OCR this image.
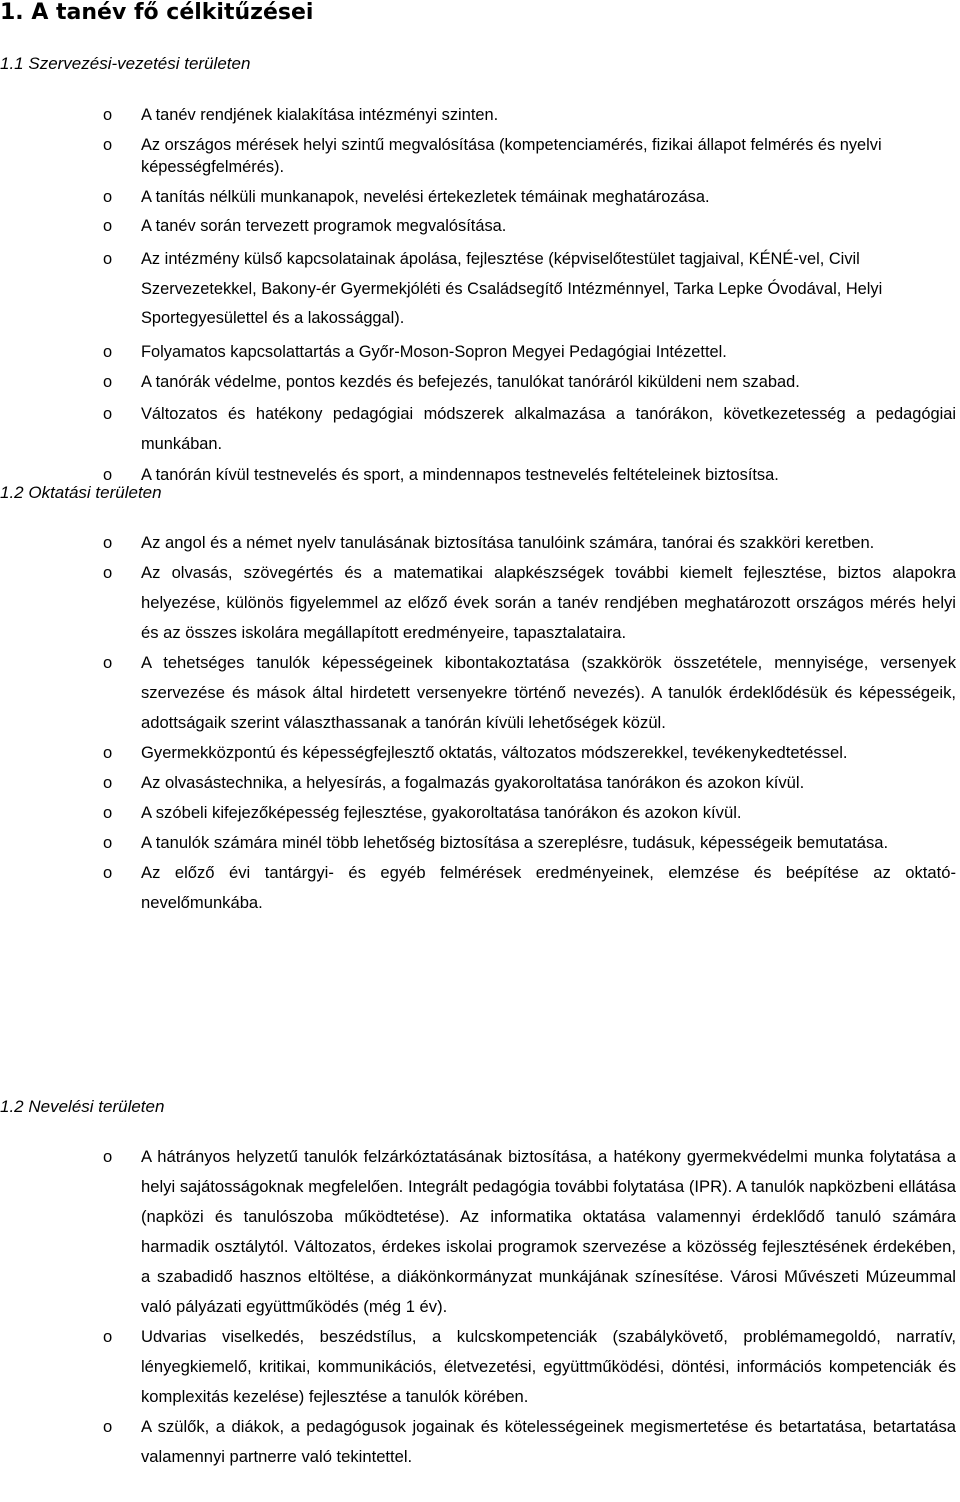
1. A tanév fő célkitűzései
1.1 Szervezési-vezetési területen
o A tanév rendjének kialakítása intézményi szinten.
o Az országos mérések helyi szintű megvalósítása (kompetenciamérés, fizikai állapot felmérés és nyelvi képességfelmérés).
o A tanítás nélküli munkanapok, nevelési értekezletek témáinak meghatározása.
o A tanév során tervezett programok megvalósítása.
o Az intézmény külső kapcsolatainak ápolása, fejlesztése (képviselőtestület tagjaival, KÉNÉ-vel, Civil Szervezetekkel, Bakony-ér Gyermekjóléti és Családsegítő Intézménnyel, Tarka Lepke Óvodával, Helyi Sportegyesülettel és a lakossággal).
o Folyamatos kapcsolattartás a Győr-Moson-Sopron Megyei Pedagógiai Intézettel.
o A tanórák védelme, pontos kezdés és befejezés, tanulókat tanóráról kiküldeni nem szabad.
o Változatos és hatékony pedagógiai módszerek alkalmazása a tanórákon, következetesség a pedagógiai munkában.
o A tanórán kívül testnevelés és sport, a mindennapos testnevelés feltételeinek biztosítsa.
1.2 Oktatási területen
o Az angol és a német nyelv tanulásának biztosítása tanulóink számára, tanórai és szakköri keretben.
o Az olvasás, szövegértés és a matematikai alapkészségek további kiemelt fejlesztése, biztos alapokra helyezése, különös figyelemmel az előző évek során a tanév rendjében meghatározott országos mérés helyi és az összes iskolára megállapított eredményeire, tapasztalataira.
o A tehetséges tanulók képességeinek kibontakoztatása (szakkörök összetétele, mennyisége, versenyek szervezése és mások által hirdetett versenyekre történő nevezés). A tanulók érdeklődésük és képességeik, adottságaik szerint választhassanak a tanórán kívüli lehetőségek közül.
o Gyermekközpontú és képességfejlesztő oktatás, változatos módszerekkel, tevékenykedtetéssel.
o Az olvasástechnika, a helyesírás, a fogalmazás gyakoroltatása tanórákon és azokon kívül.
o A szóbeli kifejezőképesség fejlesztése, gyakoroltatása tanórákon és azokon kívül.
o A tanulók számára minél több lehetőség biztosítása a szereplésre, tudásuk, képességeik bemutatása.
o Az előző évi tantárgyi- és egyéb felmérések eredményeinek, elemzése és beépítése az oktató-nevelőmunkába.
1.2 Nevelési területen
o A hátrányos helyzetű tanulók felzárkóztatásának biztosítása, a hatékony gyermekvédelmi munka folytatása a helyi sajátosságoknak megfelelően. Integrált pedagógia további folytatása (IPR). A tanulók napközbeni ellátása (napközi és tanulószoba működtetése). Az informatika oktatása valamennyi érdeklődő tanuló számára harmadik osztálytól. Változatos, érdekes iskolai programok szervezése a közösség fejlesztésének érdekében, a szabadidő hasznos eltöltése, a diákönkormányzat munkájának színesítése. Városi Művészeti Múzeummal való pályázati együttműködés (még 1 év).
o Udvarias viselkedés, beszédstílus, a kulcskompetenciák (szabálykövető, problémamegoldó, narratív, lényegkiemelő, kritikai, kommunikációs, életvezetési, együttműködési, döntési, információs kompetenciák és komplexitás kezelése) fejlesztése a tanulók körében.
o A szülők, a diákok, a pedagógusok jogainak és kötelességeinek megismertetése és betartatása, betartatása valamennyi partnerre való tekintettel.
